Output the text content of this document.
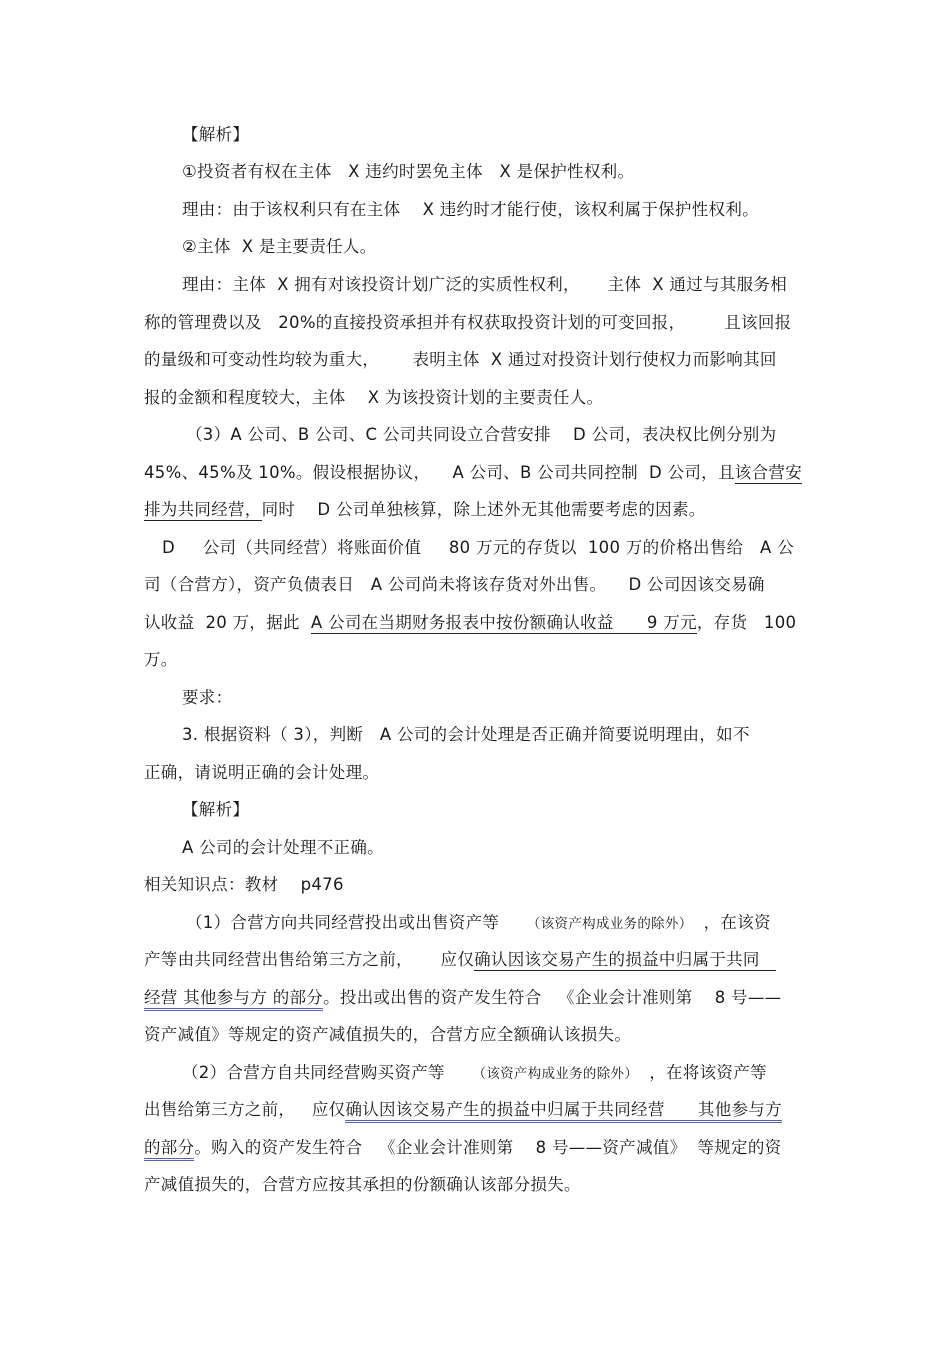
【解析】
①投资者有权在主体   X 违约时罢免主体   X 是保护性权利。
理由：由于该权利只有在主体    X 违约时才能行使，该权利属于保护性权利。
②主体  X 是主要责任人。
理由：主体  X 拥有对该投资计划广泛的实质性权利，     主体  X 通过与其服务相
称的管理费以及   20%的直接投资承担并有权获取投资计划的可变回报，       且该回报
的量级和可变动性均较为重大，      表明主体  X 通过对投资计划行使权力而影响其回
报的金额和程度较大，主体    X 为该投资计划的主要责任人。
（3）A 公司、B 公司、C 公司共同设立合营安排    D 公司，表决权比例分别为
45%、45%及 10%。假设根据协议，    A 公司、B 公司共同控制  D 公司，且该合营安
排为共同经营，同时    D 公司单独核算，除上述外无其他需要考虑的因素。
D     公司（共同经营）将账面价值     80 万元的存货以  100 万的价格出售给   A 公
司（合营方），资产负债表日   A 公司尚未将该存货对外出售。    D 公司因该交易确
认收益  20 万，据此  A 公司在当期财务报表中按份额确认收益      9 万元，存货   100
万。
要求：
3. 根据资料（ 3），判断   A 公司的会计处理是否正确并简要说明理由，如不
正确，请说明正确的会计处理。
【解析】
A 公司的会计处理不正确。
相关知识点：教材    p476
（1）合营方向共同经营投出或出售资产等     （该资产构成业务的除外）  ，在该资
产等由共同经营出售给第三方之前，     应仅确认因该交易产生的损益中归属于共同
经营 其他参与方 的部分。投出或出售的资产发生符合   《企业会计准则第    8 号——
资产减值》等规定的资产减值损失的，合营方应全额确认该损失。
（2）合营方自共同经营购买资产等     （该资产构成业务的除外）  ，在将该资产等
出售给第三方之前，   应仅确认因该交易产生的损益中归属于共同经营      其他参与方
的部分。购入的资产发生符合   《企业会计准则第    8 号——资产减值》  等规定的资
产减值损失的，合营方应按其承担的份额确认该部分损失。
